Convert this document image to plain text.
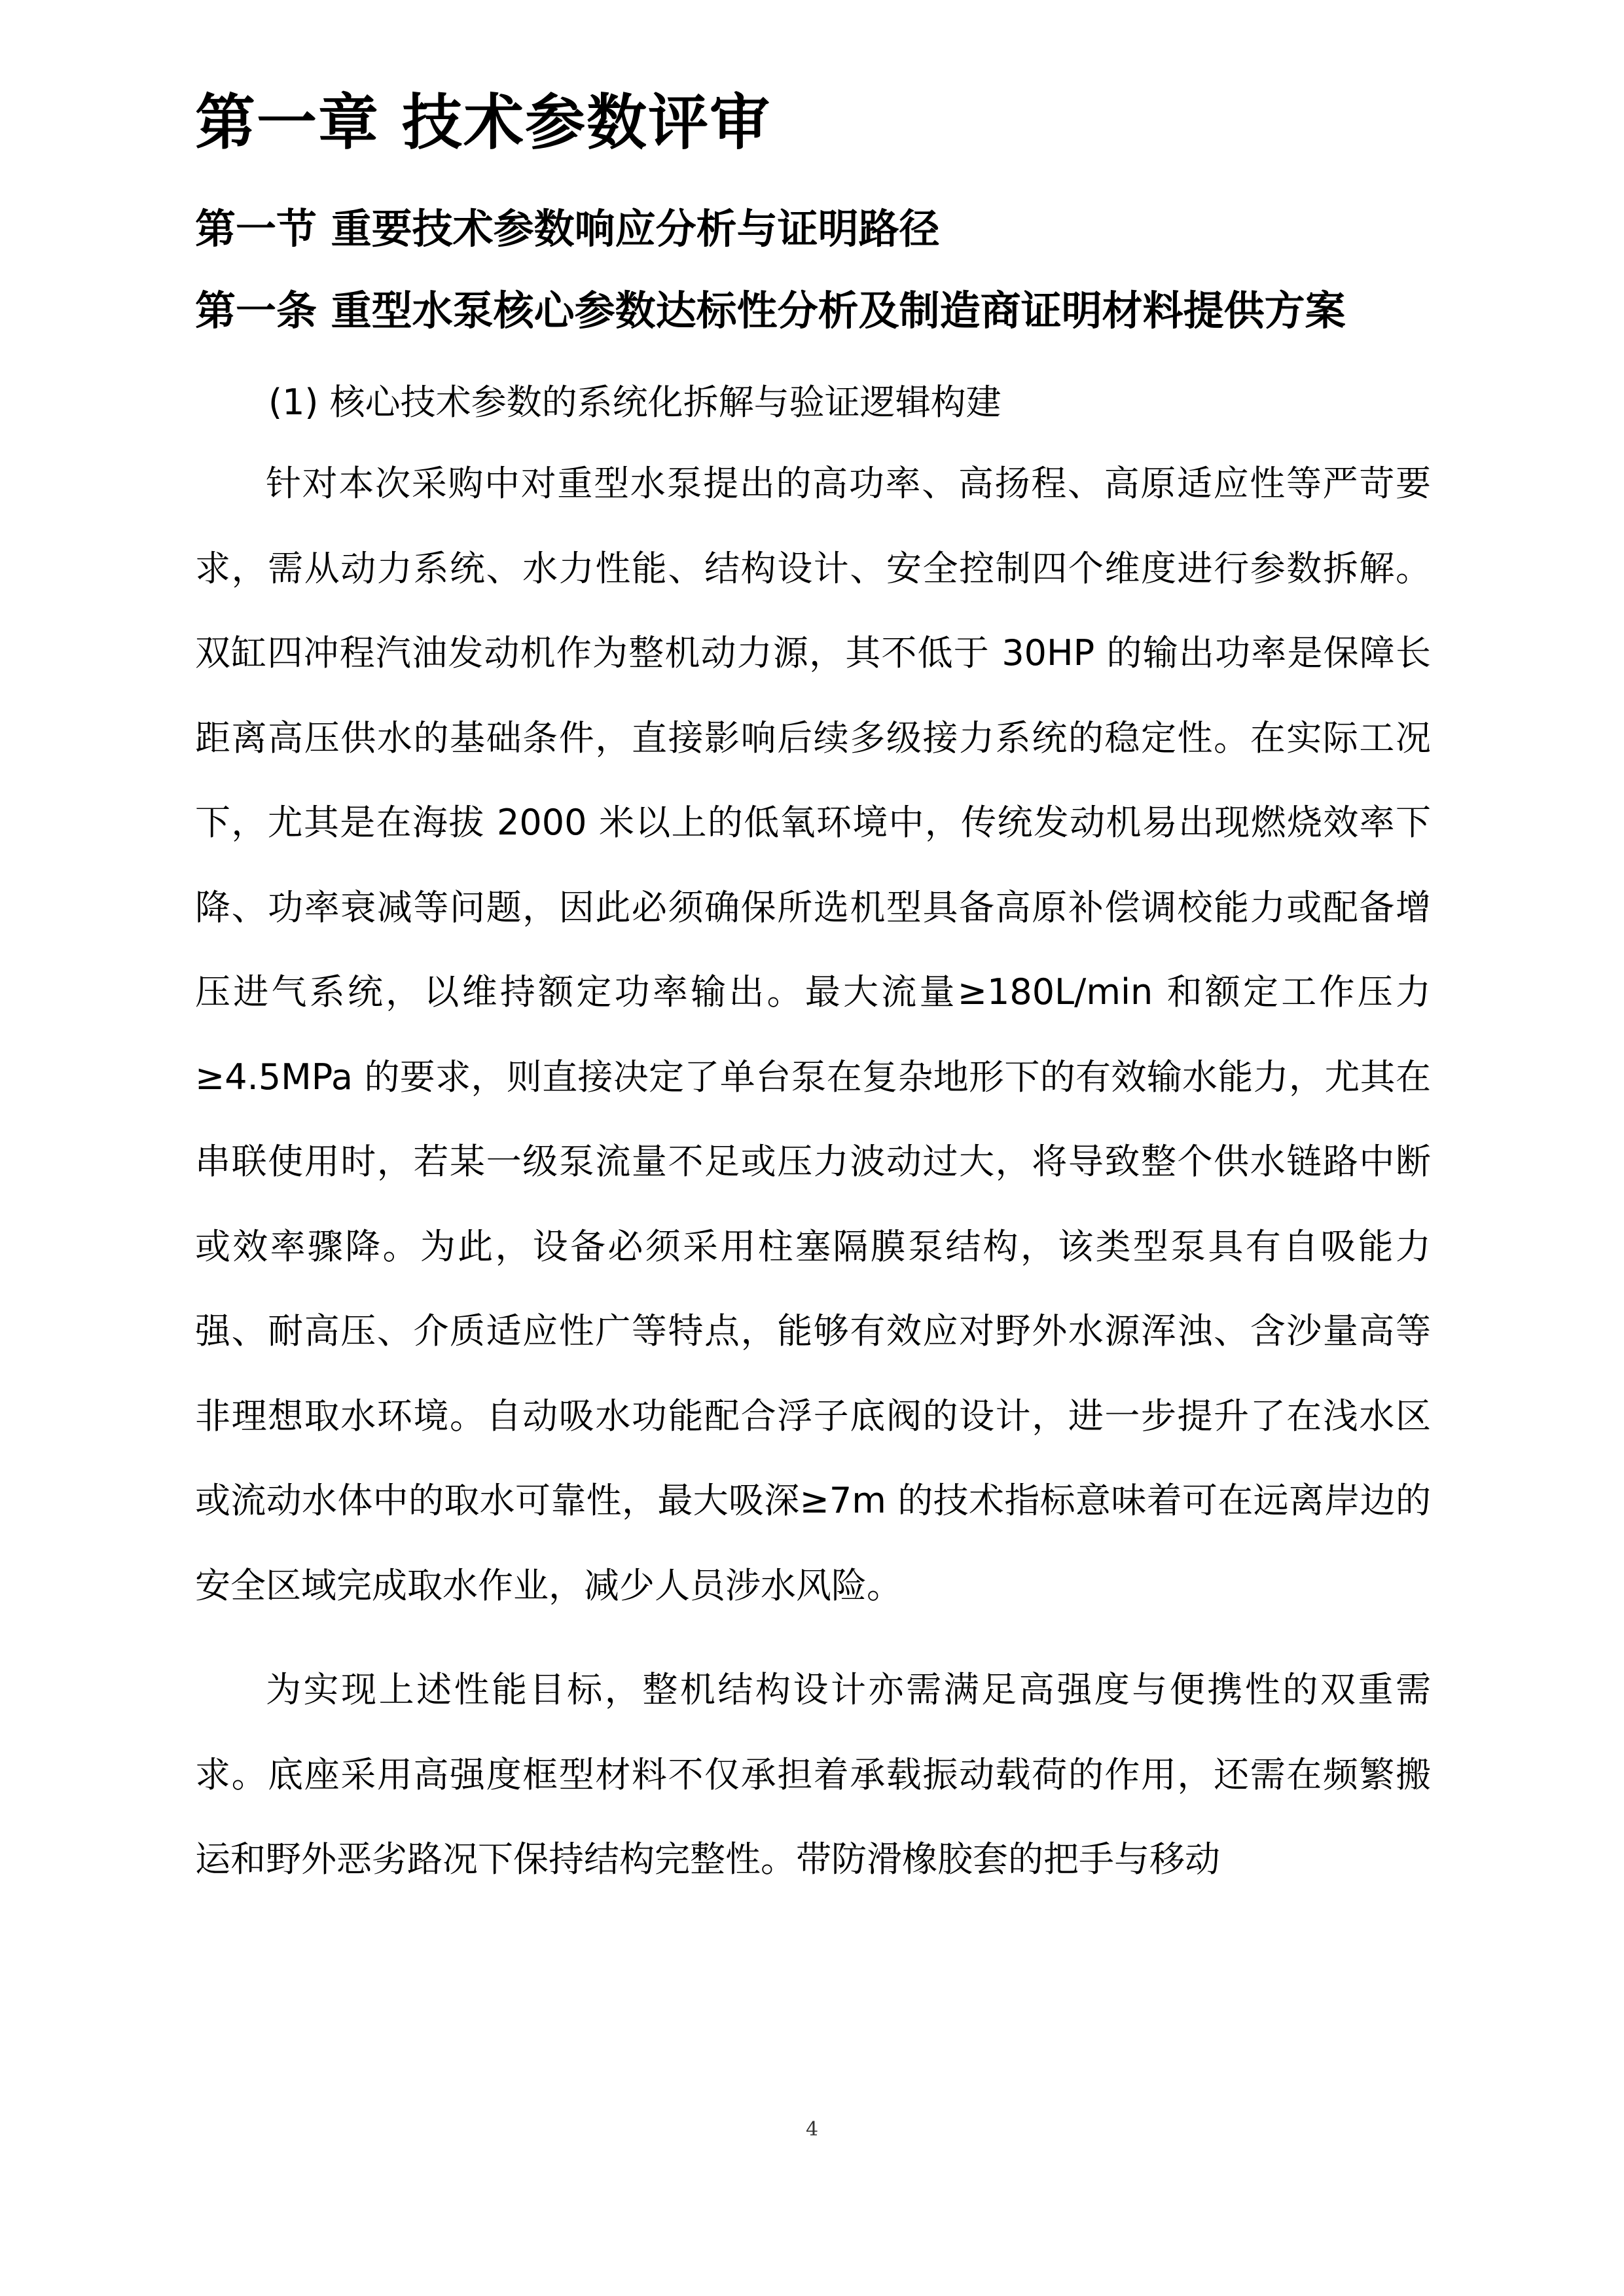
第一章 技术参数评审
第一节 重要技术参数响应分析与证明路径
第一条 重型水泵核心参数达标性分析及制造商证明材料提供方案

(1) 核心技术参数的系统化拆解与验证逻辑构建

针对本次采购中对重型水泵提出的高功率、高扬程、高原适应性等严苛要求，需从动力系统、水力性能、结构设计、安全控制四个维度进行参数拆解。双缸四冲程汽油发动机作为整机动力源，其不低于 30HP 的输出功率是保障长距离高压供水的基础条件，直接影响后续多级接力系统的稳定性。在实际工况下，尤其是在海拔 2000 米以上的低氧环境中，传统发动机易出现燃烧效率下降、功率衰减等问题，因此必须确保所选机型具备高原补偿调校能力或配备增压进气系统，以维持额定功率输出。最大流量≥180L/min 和额定工作压力≥4.5MPa 的要求，则直接决定了单台泵在复杂地形下的有效输水能力，尤其在串联使用时，若某一级泵流量不足或压力波动过大，将导致整个供水链路中断或效率骤降。为此，设备必须采用柱塞隔膜泵结构，该类型泵具有自吸能力强、耐高压、介质适应性广等特点，能够有效应对野外水源浑浊、含沙量高等非理想取水环境。自动吸水功能配合浮子底阀的设计，进一步提升了在浅水区或流动水体中的取水可靠性，最大吸深≥7m 的技术指标意味着可在远离岸边的安全区域完成取水作业，减少人员涉水风险。

为实现上述性能目标，整机结构设计亦需满足高强度与便携性的双重需求。底座采用高强度框型材料不仅承担着承载振动载荷的作用，还需在频繁搬运和野外恶劣路况下保持结构完整性。带防滑橡胶套的把手与移动

4
